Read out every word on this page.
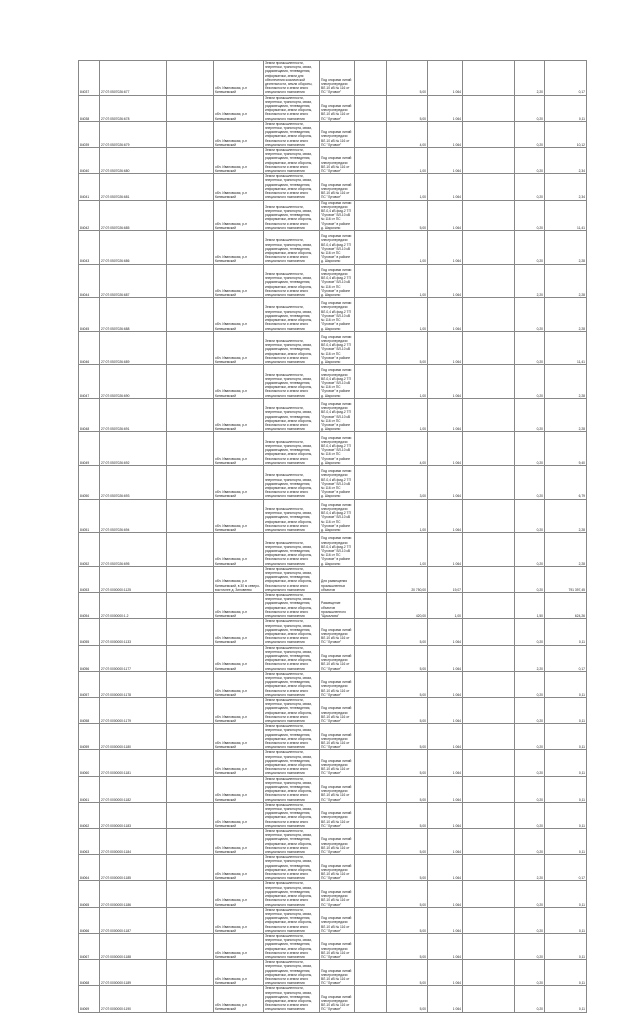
84037	27:07:0507026:677		обл. Ивановская, р-н Кинешемский	Земли промышленности, энергетики, транспорта, связи, радиовещания, телевидения, информатики, земли для обеспечения космической деятельности, земли обороны, безопасности и земли иного специального назначения	Под опорами линий электропередачи ВЛ-10 кВ № 116 от ПС "Луговое"		5,00	1 064		2,20	0,17
84038	27:07:0507026:678		обл. Ивановская, р-н Кинешемский	Земли промышленности, энергетики, транспорта, связи, радиовещания, телевидения, информатики, земли обороны, безопасности и земли иного специального назначения	Под опорами линий электропередачи ВЛ-10 кВ № 116 от ПС "Луговое"		5,00	1 064		0,20	0,11
84039	27:07:0507026:679		обл. Ивановская, р-н Кинешемский	Земли промышленности, энергетики, транспорта, связи, радиовещания, телевидения, информатики, земли обороны, безопасности и земли иного специального назначения	Под опорами линий электропередачи ВЛ-10 кВ № 116 от ПС "Луговое"		4,00	1 064		0,20	10,12
84040	27:07:0507026:680		обл. Ивановская, р-н Кинешемский	Земли промышленности, энергетики, транспорта, связи, радиовещания, телевидения, информатики, земли обороны, безопасности и земли иного специального назначения	Под опорами линий электропередачи ВЛ-10 кВ № 116 от ПС "Луговое"		1,00	1 064		0,20	2,34
84041	27:07:0507026:681		обл. Ивановская, р-н Кинешемский	Земли промышленности, энергетики, транспорта, связи, радиовещания, телевидения, информатики, земли обороны, безопасности и земли иного специального назначения	Под опорами линий электропередачи ВЛ-10 кВ № 116 от ПС "Луговое"		1,00	1 064		0,20	2,34
84042	27:07:0507026:685		обл. Ивановская, р-н Кинешемский	Земли промышленности, энергетики, транспорта, связи, радиовещания, телевидения, информатики, земли обороны, безопасности и земли иного специального назначения	Под опорами линии электропередачи ВЛ-0,4 кВ фид.2 ТП "Луговое" ВЛ-10 кВ № 116 от ПС "Луговое" в районе д. Шарохино		5,00	1 064		0,20	11,41
84043	27:07:0507026:686		обл. Ивановская, р-н Кинешемский	Земли промышленности, энергетики, транспорта, связи, радиовещания, телевидения, информатики, земли обороны, безопасности и земли иного специального назначения	Под опорами линии электропередачи ВЛ-0,4 кВ фид.2 ТП "Луговое" ВЛ-10 кВ № 116 от ПС "Луговое" в районе д. Шарохино		1,00	1 064		0,20	2,28
84044	27:07:0507026:687		обл. Ивановская, р-н Кинешемский	Земли промышленности, энергетики, транспорта, связи, радиовещания, телевидения, информатики, земли обороны, безопасности и земли иного специального назначения	Под опорами линии электропередачи ВЛ-0,4 кВ фид.2 ТП "Луговое" ВЛ-10 кВ № 116 от ПС "Луговое" в районе д. Шарохино		1,00	1 064		2,20	2,28
84045	27:07:0507026:688		обл. Ивановская, р-н Кинешемский	Земли промышленности, энергетики, транспорта, связи, радиовещания, телевидения, информатики, земли обороны, безопасности и земли иного специального назначения	Под опорами линии электропередачи ВЛ-0,4 кВ фид.2 ТП "Луговое" ВЛ-10 кВ № 116 от ПС "Луговое" в районе д. Шарохино		1,00	1 064		0,20	2,28
84046	27:07:0507026:689		обл. Ивановская, р-н Кинешемский	Земли промышленности, энергетики, транспорта, связи, радиовещания, телевидения, информатики, земли обороны, безопасности и земли иного специального назначения	Под опорами линии электропередачи ВЛ-0,4 кВ фид.2 ТП "Луговое" ВЛ-10 кВ № 116 от ПС "Луговое" в районе д. Шарохино		5,00	1 064		0,20	11,41
84047	27:07:0507026:690		обл. Ивановская, р-н Кинешемский	Земли промышленности, энергетики, транспорта, связи, радиовещания, телевидения, информатики, земли обороны, безопасности и земли иного специального назначения	Под опорами линии электропередачи ВЛ-0,4 кВ фид.2 ТП "Луговое" ВЛ-10 кВ № 116 от ПС "Луговое" в районе д. Шарохино		1,00	1 064		0,20	2,28
84048	27:07:0507026:691		обл. Ивановская, р-н Кинешемский	Земли промышленности, энергетики, транспорта, связи, радиовещания, телевидения, информатики, земли обороны, безопасности и земли иного специального назначения	Под опорами линии электропередачи ВЛ-0,4 кВ фид.2 ТП "Луговое" ВЛ-10 кВ № 116 от ПС "Луговое" в районе д. Шарохино		1,00	1 064		0,20	2,28
84049	27:07:0507026:692		обл. Ивановская, р-н Кинешемский	Земли промышленности, энергетики, транспорта, связи, радиовещания, телевидения, информатики, земли обороны, безопасности и земли иного специального назначения	Под опорами линии электропередачи ВЛ-0,4 кВ фид.2 ТП "Луговое" ВЛ-10 кВ № 116 от ПС "Луговое" в районе д. Шарохино		4,00	1 064		0,20	9,40
84050	27:07:0507026:693		обл. Ивановская, р-н Кинешемский	Земли промышленности, энергетики, транспорта, связи, радиовещания, телевидения, информатики, земли обороны, безопасности и земли иного специального назначения	Под опорами линии электропередачи ВЛ-0,4 кВ фид.2 ТП "Луговое" ВЛ-10 кВ № 116 от ПС "Луговое" в районе д. Шарохино		3,00	1 064		0,20	6,79
84051	27:07:0507026:694		обл. Ивановская, р-н Кинешемский	Земли промышленности, энергетики, транспорта, связи, радиовещания, телевидения, информатики, земли обороны, безопасности и земли иного специального назначения	Под опорами линии электропередачи ВЛ-0,4 кВ фид.2 ТП "Луговое" ВЛ-10 кВ № 116 от ПС "Луговое" в районе д. Шарохино		1,00	1 064		0,20	2,28
84052	27:07:0507026:695		обл. Ивановская, р-н Кинешемский	Земли промышленности, энергетики, транспорта, связи, радиовещания, телевидения, информатики, земли обороны, безопасности и земли иного специального назначения	Под опорами линии электропередачи ВЛ-0,4 кВ фид.2 ТП "Луговое" ВЛ-10 кВ № 116 от ПС "Луговое" в районе д. Шарохино		1,00	1 064		0,20	2,28
84053	27:07:0000000:1125		обл. Ивановская, р-н Кинешемский, в 30 м северо-восточнее д. Зиновеево	Земли промышленности, энергетики, транспорта, связи, радиовещания, телевидения, информатики, земли обороны, безопасности и земли иного специального назначения	Для размещения промышленных объектов		20 750,00	19,07		0,20	791 397,45
84054	27:07:0000000:1.2		обл. Ивановская, р-н Кинешемский	Земли промышленности, энергетики, транспорта, связи, радиовещания, телевидения, информатики, земли обороны, безопасности и земли иного специального назначения	Размещение объектов промышленного "Щикалова"		420,00	1,00		1,50	624,26
84055	27:07:0000000:1133		обл. Ивановская, р-н Кинешемский	Земли промышленности, энергетики, транспорта, связи, радиовещания, телевидения, информатики, земли обороны, безопасности и земли иного специального назначения	Под опорами линий электропередачи ВЛ-10 кВ № 116 от ПС "Луговое"		5,00	1 064		0,20	0,11
84056	27:07:0000000:1177		обл. Ивановская, р-н Кинешемский	Земли промышленности, энергетики, транспорта, связи, радиовещания, телевидения, информатики, земли обороны, безопасности и земли иного специального назначения	Под опорами линий электропередачи ВЛ-10 кВ № 116 от ПС "Луговое"		5,00	1 064		2,20	0,17
84057	27:07:0000000:1178		обл. Ивановская, р-н Кинешемский	Земли промышленности, энергетики, транспорта, связи, радиовещания, телевидения, информатики, земли обороны, безопасности и земли иного специального назначения	Под опорами линий электропередачи ВЛ-10 кВ № 116 от ПС "Луговое"		5,00	1 064		0,20	0,11
84058	27:07:0000000:1179		обл. Ивановская, р-н Кинешемский	Земли промышленности, энергетики, транспорта, связи, радиовещания, телевидения, информатики, земли обороны, безопасности и земли иного специального назначения	Под опорами линий электропередачи ВЛ-10 кВ № 116 от ПС "Луговое"		5,00	1 064		0,20	0,11
84059	27:07:0000000:1180		обл. Ивановская, р-н Кинешемский	Земли промышленности, энергетики, транспорта, связи, радиовещания, телевидения, информатики, земли обороны, безопасности и земли иного специального назначения	Под опорами линий электропередачи ВЛ-10 кВ № 116 от ПС "Луговое"		5,00	1 064		0,20	0,11
84060	27:07:0000000:1181		обл. Ивановская, р-н Кинешемский	Земли промышленности, энергетики, транспорта, связи, радиовещания, телевидения, информатики, земли обороны, безопасности и земли иного специального назначения	Под опорами линий электропередачи ВЛ-10 кВ № 116 от ПС "Луговое"		5,00	1 064		0,20	0,11
84061	27:07:0000000:1182		обл. Ивановская, р-н Кинешемский	Земли промышленности, энергетики, транспорта, связи, радиовещания, телевидения, информатики, земли обороны, безопасности и земли иного специального назначения	Под опорами линий электропередачи ВЛ-10 кВ № 116 от ПС "Луговое"		5,00	1 064		0,20	0,11
84062	27:07:0000000:1183		обл. Ивановская, р-н Кинешемский	Земли промышленности, энергетики, транспорта, связи, радиовещания, телевидения, информатики, земли обороны, безопасности и земли иного специального назначения	Под опорами линий электропередачи ВЛ-10 кВ № 116 от ПС "Луговое"		5,00	1 064		0,20	0,11
84063	27:07:0000000:1184		обл. Ивановская, р-н Кинешемский	Земли промышленности, энергетики, транспорта, связи, радиовещания, телевидения, информатики, земли обороны, безопасности и земли иного специального назначения	Под опорами линий электропередачи ВЛ-10 кВ № 116 от ПС "Луговое"		5,00	1 064		0,20	0,11
84064	27:07:0000000:1185		обл. Ивановская, р-н Кинешемский	Земли промышленности, энергетики, транспорта, связи, радиовещания, телевидения, информатики, земли обороны, безопасности и земли иного специального назначения	Под опорами линий электропередачи ВЛ-10 кВ № 116 от ПС "Луговое"		5,00	1 064		2,20	0,17
84065	27:07:0000000:1186		обл. Ивановская, р-н Кинешемский	Земли промышленности, энергетики, транспорта, связи, радиовещания, телевидения, информатики, земли обороны, безопасности и земли иного специального назначения	Под опорами линий электропередачи ВЛ-10 кВ № 116 от ПС "Луговое"		5,00	1 064		0,20	0,11
84066	27:07:0000000:1187		обл. Ивановская, р-н Кинешемский	Земли промышленности, энергетики, транспорта, связи, радиовещания, телевидения, информатики, земли обороны, безопасности и земли иного специального назначения	Под опорами линий электропередачи ВЛ-10 кВ № 116 от ПС "Луговое"		5,00	1 064		0,20	0,11
84067	27:07:0000000:1188		обл. Ивановская, р-н Кинешемский	Земли промышленности, энергетики, транспорта, связи, радиовещания, телевидения, информатики, земли обороны, безопасности и земли иного специального назначения	Под опорами линий электропередачи ВЛ-10 кВ № 116 от ПС "Луговое"		5,00	1 064		0,20	0,11
84068	27:07:0000000:1189		обл. Ивановская, р-н Кинешемский	Земли промышленности, энергетики, транспорта, связи, радиовещания, телевидения, информатики, земли обороны, безопасности и земли иного специального назначения	Под опорами линий электропередачи ВЛ-10 кВ № 116 от ПС "Луговое"		5,00	1 064		0,20	0,11
84069	27:07:0000000:1190		обл. Ивановская, р-н Кинешемский	Земли промышленности, энергетики, транспорта, связи, радиовещания, телевидения, информатики, земли обороны, безопасности и земли иного специального назначения	Под опорами линий электропередачи ВЛ-10 кВ № 116 от ПС "Луговое"		5,00	1 064		0,20	0,11
